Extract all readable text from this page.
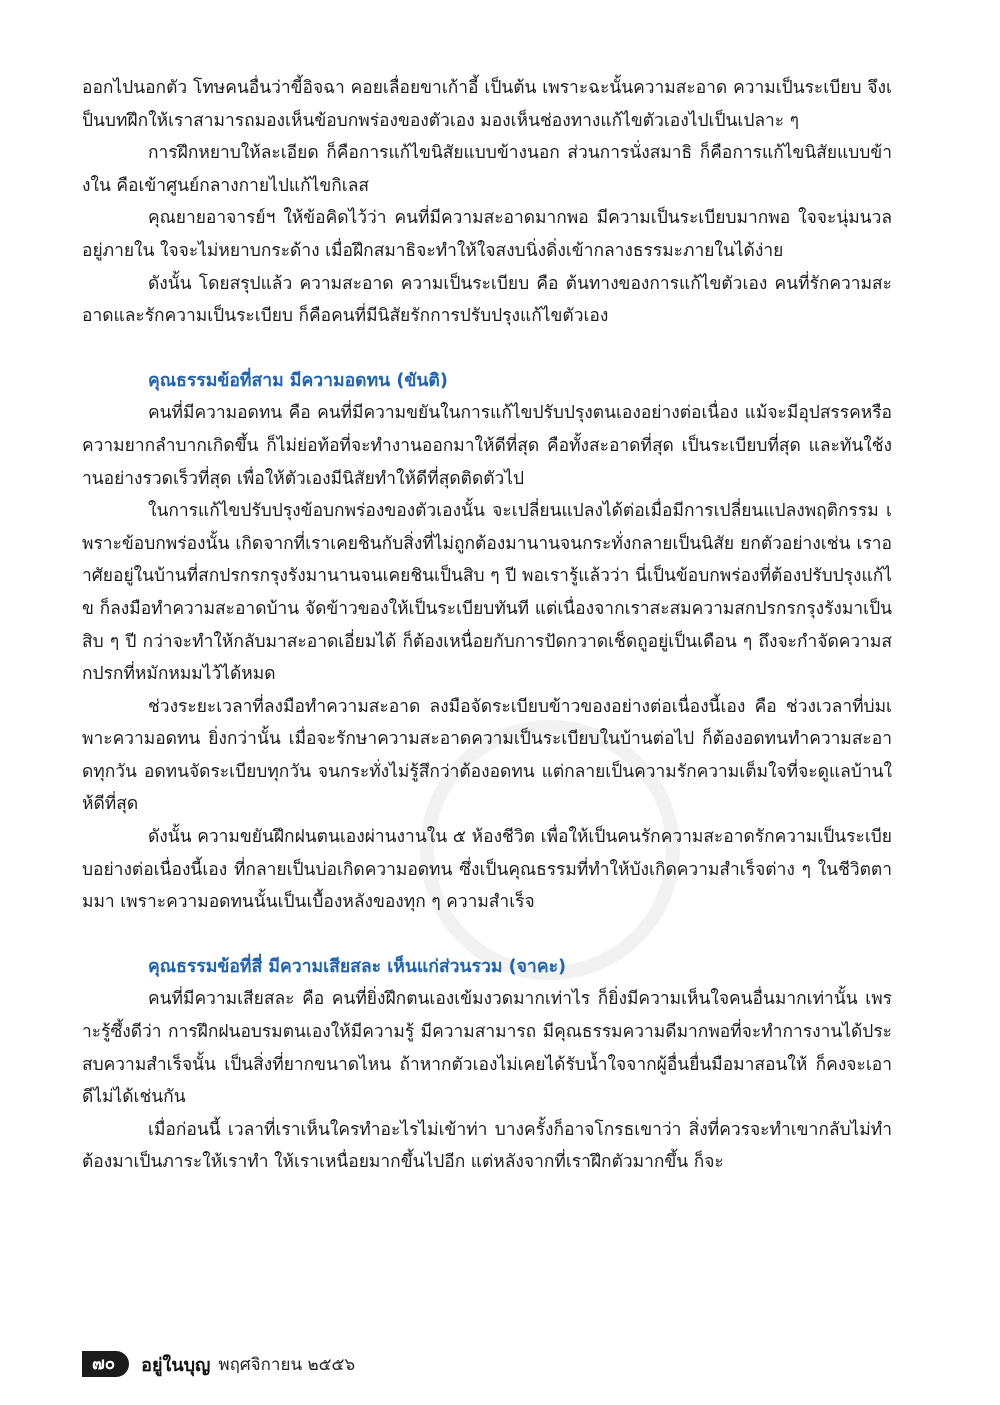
ออกไปนอกตัว โทษคนอื่นว่าขี้อิจฉา คอยเลื่อยขาเก้าอี้ เป็นต้น เพราะฉะนั้นความสะอาด ความเป็นระเบียบ จึงเป็นบทฝึกให้เราสามารถมองเห็นข้อบกพร่องของตัวเอง มองเห็นช่องทางแก้ไขตัวเองไปเป็นเปลาะ ๆ

การฝึกหยาบให้ละเอียด ก็คือการแก้ไขนิสัยแบบข้างนอก ส่วนการนั่งสมาธิ ก็คือการแก้ไขนิสัยแบบข้างใน คือเข้าศูนย์กลางกายไปแก้ไขกิเลส

คุณยายอาจารย์ฯ ให้ข้อคิดไว้ว่า คนที่มีความสะอาดมากพอ มีความเป็นระเบียบมากพอ ใจจะนุ่มนวลอยู่ภายใน ใจจะไม่หยาบกระด้าง เมื่อฝึกสมาธิจะทำให้ใจสงบนิ่งดิ่งเข้ากลางธรรมะภายในได้ง่าย

ดังนั้น โดยสรุปแล้ว ความสะอาด ความเป็นระเบียบ คือ ต้นทางของการแก้ไขตัวเอง คนที่รักความสะอาดและรักความเป็นระเบียบ ก็คือคนที่มีนิสัยรักการปรับปรุงแก้ไขตัวเอง

คุณธรรมข้อที่สาม มีความอดทน (ขันติ)

คนที่มีความอดทน คือ คนที่มีความขยันในการแก้ไขปรับปรุงตนเองอย่างต่อเนื่อง แม้จะมีอุปสรรคหรือความยากลำบากเกิดขึ้น ก็ไม่ย่อท้อที่จะทำงานออกมาให้ดีที่สุด คือทั้งสะอาดที่สุด เป็นระเบียบที่สุด และทันใช้งานอย่างรวดเร็วที่สุด เพื่อให้ตัวเองมีนิสัยทำให้ดีที่สุดติดตัวไป

ในการแก้ไขปรับปรุงข้อบกพร่องของตัวเองนั้น จะเปลี่ยนแปลงได้ต่อเมื่อมีการเปลี่ยนแปลงพฤติกรรม เพราะข้อบกพร่องนั้น เกิดจากที่เราเคยชินกับสิ่งที่ไม่ถูกต้องมานานจนกระทั่งกลายเป็นนิสัย ยกตัวอย่างเช่น เราอาศัยอยู่ในบ้านที่สกปรกรกรุงรังมานานจนเคยชินเป็นสิบ ๆ ปี พอเรารู้แล้วว่า นี่เป็นข้อบกพร่องที่ต้องปรับปรุงแก้ไข ก็ลงมือทำความสะอาดบ้าน จัดข้าวของให้เป็นระเบียบทันที แต่เนื่องจากเราสะสมความสกปรกรกรุงรังมาเป็นสิบ ๆ ปี กว่าจะทำให้กลับมาสะอาดเอี่ยมได้ ก็ต้องเหนื่อยกับการปัดกวาดเช็ดถูอยู่เป็นเดือน ๆ ถึงจะกำจัดความสกปรกที่หมักหมมไว้ได้หมด

ช่วงระยะเวลาที่ลงมือทำความสะอาด ลงมือจัดระเบียบข้าวของอย่างต่อเนื่องนี้เอง คือ ช่วงเวลาที่บ่มเพาะความอดทน ยิ่งกว่านั้น เมื่อจะรักษาความสะอาดความเป็นระเบียบในบ้านต่อไป ก็ต้องอดทนทำความสะอาดทุกวัน อดทนจัดระเบียบทุกวัน จนกระทั่งไม่รู้สึกว่าต้องอดทน แต่กลายเป็นความรักความเต็มใจที่จะดูแลบ้านให้ดีที่สุด

ดังนั้น ความขยันฝึกฝนตนเองผ่านงานใน ๕ ห้องชีวิต เพื่อให้เป็นคนรักความสะอาดรักความเป็นระเบียบอย่างต่อเนื่องนี้เอง ที่กลายเป็นบ่อเกิดความอดทน ซึ่งเป็นคุณธรรมที่ทำให้บังเกิดความสำเร็จต่าง ๆ ในชีวิตตามมา เพราะความอดทนนั้นเป็นเบื้องหลังของทุก ๆ ความสำเร็จ

คุณธรรมข้อที่สี่ มีความเสียสละ เห็นแก่ส่วนรวม (จาคะ)

คนที่มีความเสียสละ คือ คนที่ยิ่งฝึกตนเองเข้มงวดมากเท่าไร ก็ยิ่งมีความเห็นใจคนอื่นมากเท่านั้น เพราะรู้ซึ้งดีว่า การฝึกฝนอบรมตนเองให้มีความรู้ มีความสามารถ มีคุณธรรมความดีมากพอที่จะทำการงานได้ประสบความสำเร็จนั้น เป็นสิ่งที่ยากขนาดไหน ถ้าหากตัวเองไม่เคยได้รับน้ำใจจากผู้อื่นยื่นมือมาสอนให้ ก็คงจะเอาดีไม่ได้เช่นกัน

เมื่อก่อนนี้ เวลาที่เราเห็นใครทำอะไรไม่เข้าท่า บางครั้งก็อาจโกรธเขาว่า สิ่งที่ควรจะทำเขากลับไม่ทำ ต้องมาเป็นภาระให้เราทำ ให้เราเหนื่อยมากขึ้นไปอีก แต่หลังจากที่เราฝึกตัวมากขึ้น ก็จะ

๗๐	อยู่ในบุญ พฤศจิกายน ๒๕๕๖
